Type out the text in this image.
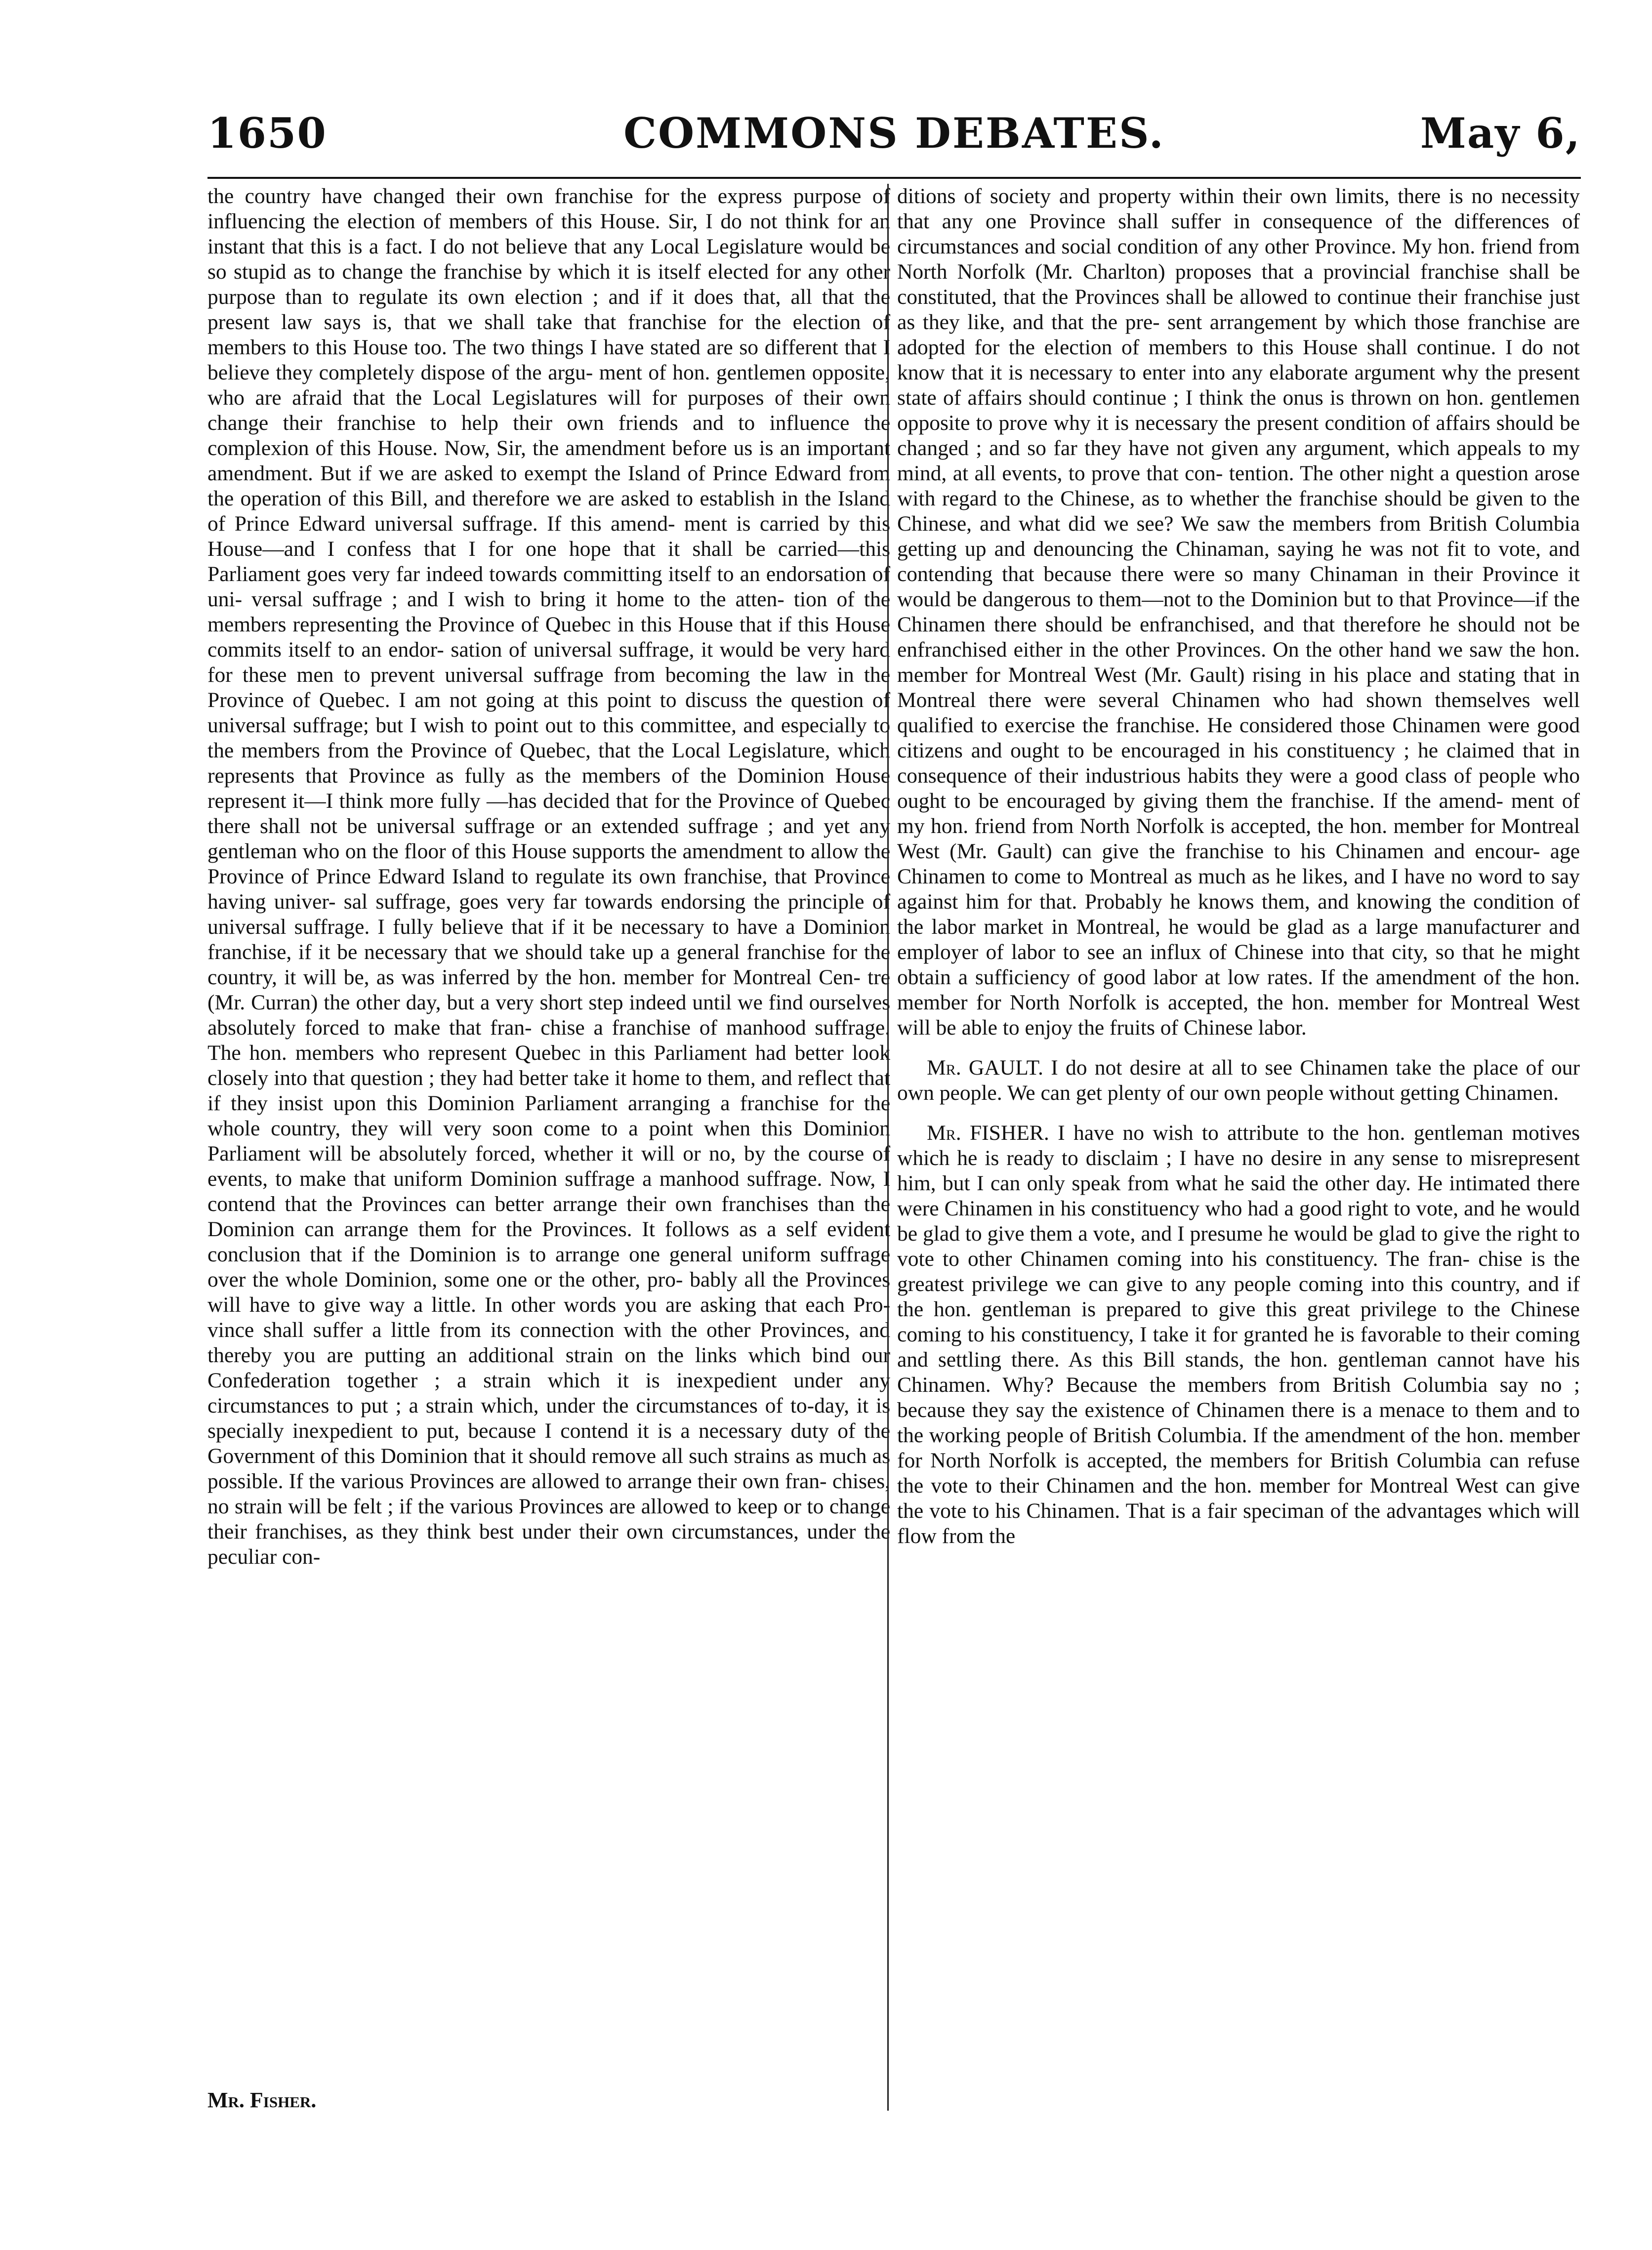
1650	COMMONS DEBATES.	May 6,

the country have changed their own franchise for the express purpose of influencing the election of members of this House. Sir, I do not think for an instant that this is a fact. I do not believe that any Local Legislature would be so stupid as to change the franchise by which it is itself elected for any other purpose than to regulate its own election ; and if it does that, all that the present law says is, that we shall take that franchise for the election of members to this House too. The two things I have stated are so different that I believe they completely dispose of the argu- ment of hon. gentlemen opposite, who are afraid that the Local Legislatures will for purposes of their own change their franchise to help their own friends and to influence the complexion of this House. Now, Sir, the amendment before us is an important amendment. But if we are asked to exempt the Island of Prince Edward from the operation of this Bill, and therefore we are asked to establish in the Island of Prince Edward universal suffrage. If this amend- ment is carried by this House—and I confess that I for one hope that it shall be carried—this Parliament goes very far indeed towards committing itself to an endorsation of uni- versal suffrage ; and I wish to bring it home to the atten- tion of the members representing the Province of Quebec in this House that if this House commits itself to an endor- sation of universal suffrage, it would be very hard for these men to prevent universal suffrage from becoming the law in the Province of Quebec. I am not going at this point to discuss the question of universal suffrage; but I wish to point out to this committee, and especially to the members from the Province of Quebec, that the Local Legislature, which represents that Province as fully as the members of the Dominion House represent it—I think more fully —has decided that for the Province of Quebec there shall not be universal suffrage or an extended suffrage ; and yet any gentleman who on the floor of this House supports the amendment to allow the Province of Prince Edward Island to regulate its own franchise, that Province having univer- sal suffrage, goes very far towards endorsing the principle of universal suffrage. I fully believe that if it be necessary to have a Dominion franchise, if it be necessary that we should take up a general franchise for the country, it will be, as was inferred by the hon. member for Montreal Cen- tre (Mr. Curran) the other day, but a very short step indeed until we find ourselves absolutely forced to make that fran- chise a franchise of manhood suffrage. The hon. members who represent Quebec in this Parliament had better look closely into that question ; they had better take it home to them, and reflect that if they insist upon this Dominion Parliament arranging a franchise for the whole country, they will very soon come to a point when this Dominion Parliament will be absolutely forced, whether it will or no, by the course of events, to make that uniform Dominion suffrage a manhood suffrage. Now, I contend that the Provinces can better arrange their own franchises than the Dominion can arrange them for the Provinces. It follows as a self evident conclusion that if the Dominion is to arrange one general uniform suffrage over the whole Dominion, some one or the other, pro- bably all the Provinces will have to give way a little. In other words you are asking that each Pro- vince shall suffer a little from its connection with the other Provinces, and thereby you are putting an additional strain on the links which bind our Confederation together ; a strain which it is inexpedient under any circumstances to put ; a strain which, under the circumstances of to-day, it is specially inexpedient to put, because I contend it is a necessary duty of the Government of this Dominion that it should remove all such strains as much as possible. If the various Provinces are allowed to arrange their own fran- chises, no strain will be felt ; if the various Provinces are allowed to keep or to change their franchises, as they think best under their own circumstances, under the peculiar con-

ditions of society and property within their own limits, there is no necessity that any one Province shall suffer in consequence of the differences of circumstances and social condition of any other Province. My hon. friend from North Norfolk (Mr. Charlton) proposes that a provincial franchise shall be constituted, that the Provinces shall be allowed to continue their franchise just as they like, and that the pre- sent arrangement by which those franchise are adopted for the election of members to this House shall continue. I do not know that it is necessary to enter into any elaborate argument why the present state of affairs should continue ; I think the onus is thrown on hon. gentlemen opposite to prove why it is necessary the present condition of affairs should be changed ; and so far they have not given any argument, which appeals to my mind, at all events, to prove that con- tention. The other night a question arose with regard to the Chinese, as to whether the franchise should be given to the Chinese, and what did we see? We saw the members from British Columbia getting up and denouncing the Chinaman, saying he was not fit to vote, and contending that because there were so many Chinaman in their Province it would be dangerous to them—not to the Dominion but to that Province—if the Chinamen there should be enfranchised, and that therefore he should not be enfranchised either in the other Provinces. On the other hand we saw the hon. member for Montreal West (Mr. Gault) rising in his place and stating that in Montreal there were several Chinamen who had shown themselves well qualified to exercise the franchise. He considered those Chinamen were good citizens and ought to be encouraged in his constituency ; he claimed that in consequence of their industrious habits they were a good class of people who ought to be encouraged by giving them the franchise. If the amend- ment of my hon. friend from North Norfolk is accepted, the hon. member for Montreal West (Mr. Gault) can give the franchise to his Chinamen and encour- age Chinamen to come to Montreal as much as he likes, and I have no word to say against him for that. Probably he knows them, and knowing the condition of the labor market in Montreal, he would be glad as a large manufacturer and employer of labor to see an influx of Chinese into that city, so that he might obtain a sufficiency of good labor at low rates. If the amendment of the hon. member for North Norfolk is accepted, the hon. member for Montreal West will be able to enjoy the fruits of Chinese labor.

Mr. GAULT. I do not desire at all to see Chinamen take the place of our own people. We can get plenty of our own people without getting Chinamen.

Mr. FISHER. I have no wish to attribute to the hon. gentleman motives which he is ready to disclaim ; I have no desire in any sense to misrepresent him, but I can only speak from what he said the other day. He intimated there were Chinamen in his constituency who had a good right to vote, and he would be glad to give them a vote, and I presume he would be glad to give the right to vote to other Chinamen coming into his constituency. The fran- chise is the greatest privilege we can give to any people coming into this country, and if the hon. gentleman is prepared to give this great privilege to the Chinese coming to his constituency, I take it for granted he is favorable to their coming and settling there. As this Bill stands, the hon. gentleman cannot have his Chinamen. Why? Because the members from British Columbia say no ; because they say the existence of Chinamen there is a menace to them and to the working people of British Columbia. If the amendment of the hon. member for North Norfolk is accepted, the members for British Columbia can refuse the vote to their Chinamen and the hon. member for Montreal West can give the vote to his Chinamen. That is a fair speciman of the advantages which will flow from the

Mr. Fisher.
